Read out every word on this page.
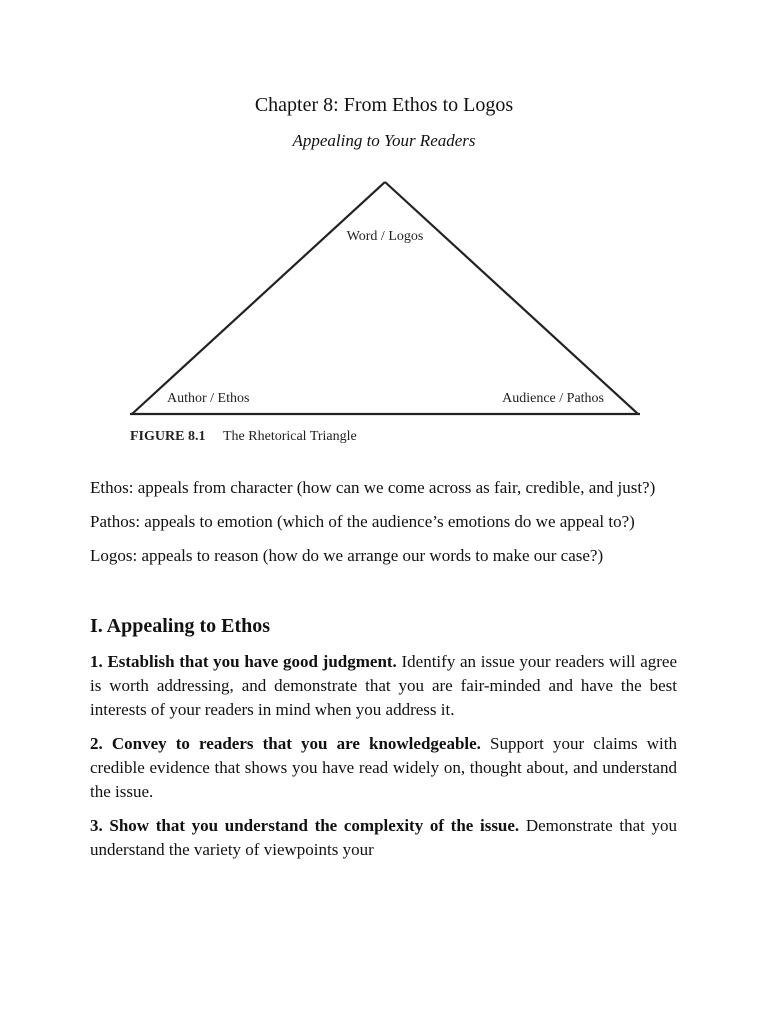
Chapter 8: From Ethos to Logos
Appealing to Your Readers
Word / Logos
Author / Ethos	Audience / Pathos
FIGURE 8.1 The Rhetorical Triangle

Ethos: appeals from character (how can we come across as fair, credible, and just?)

Pathos: appeals to emotion (which of the audience’s emotions do we appeal to?)

Logos: appeals to reason (how do we arrange our words to make our case?)

I. Appealing to Ethos

1. Establish that you have good judgment. Identify an issue your readers will agree is worth addressing, and demonstrate that you are fair-minded and have the best interests of your readers in mind when you address it.

2. Convey to readers that you are knowledgeable. Support your claims with credible evidence that shows you have read widely on, thought about, and understand the issue.

3. Show that you understand the complexity of the issue. Demonstrate that you understand the variety of viewpoints your
